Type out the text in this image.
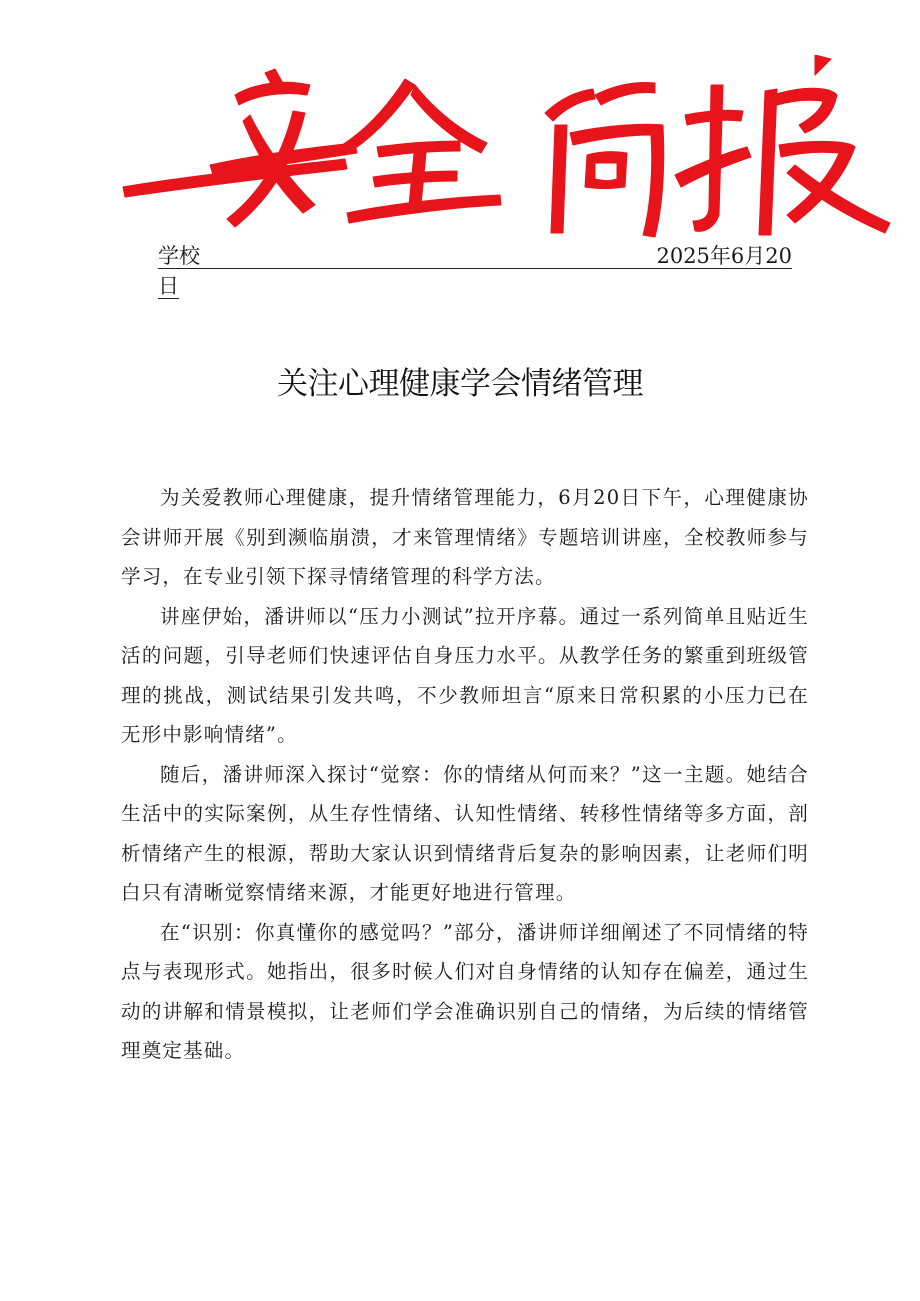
学校	2025年6月20
日
关注心理健康学会情绪管理

为关爱教师心理健康，提升情绪管理能力，6月20日下午，心理健康协会讲师开展《别到濒临崩溃，才来管理情绪》专题培训讲座，全校教师参与学习，在专业引领下探寻情绪管理的科学方法。

讲座伊始，潘讲师以“压力小测试”拉开序幕。通过一系列简单且贴近生活的问题，引导老师们快速评估自身压力水平。从教学任务的繁重到班级管理的挑战，测试结果引发共鸣，不少教师坦言“原来日常积累的小压力已在无形中影响情绪”。

随后，潘讲师深入探讨“觉察：你的情绪从何而来？”这一主题。她结合生活中的实际案例，从生存性情绪、认知性情绪、转移性情绪等多方面，剖析情绪产生的根源，帮助大家认识到情绪背后复杂的影响因素，让老师们明白只有清晰觉察情绪来源，才能更好地进行管理。

在“识别：你真懂你的感觉吗？”部分，潘讲师详细阐述了不同情绪的特点与表现形式。她指出，很多时候人们对自身情绪的认知存在偏差，通过生动的讲解和情景模拟，让老师们学会准确识别自己的情绪，为后续的情绪管理奠定基础。
